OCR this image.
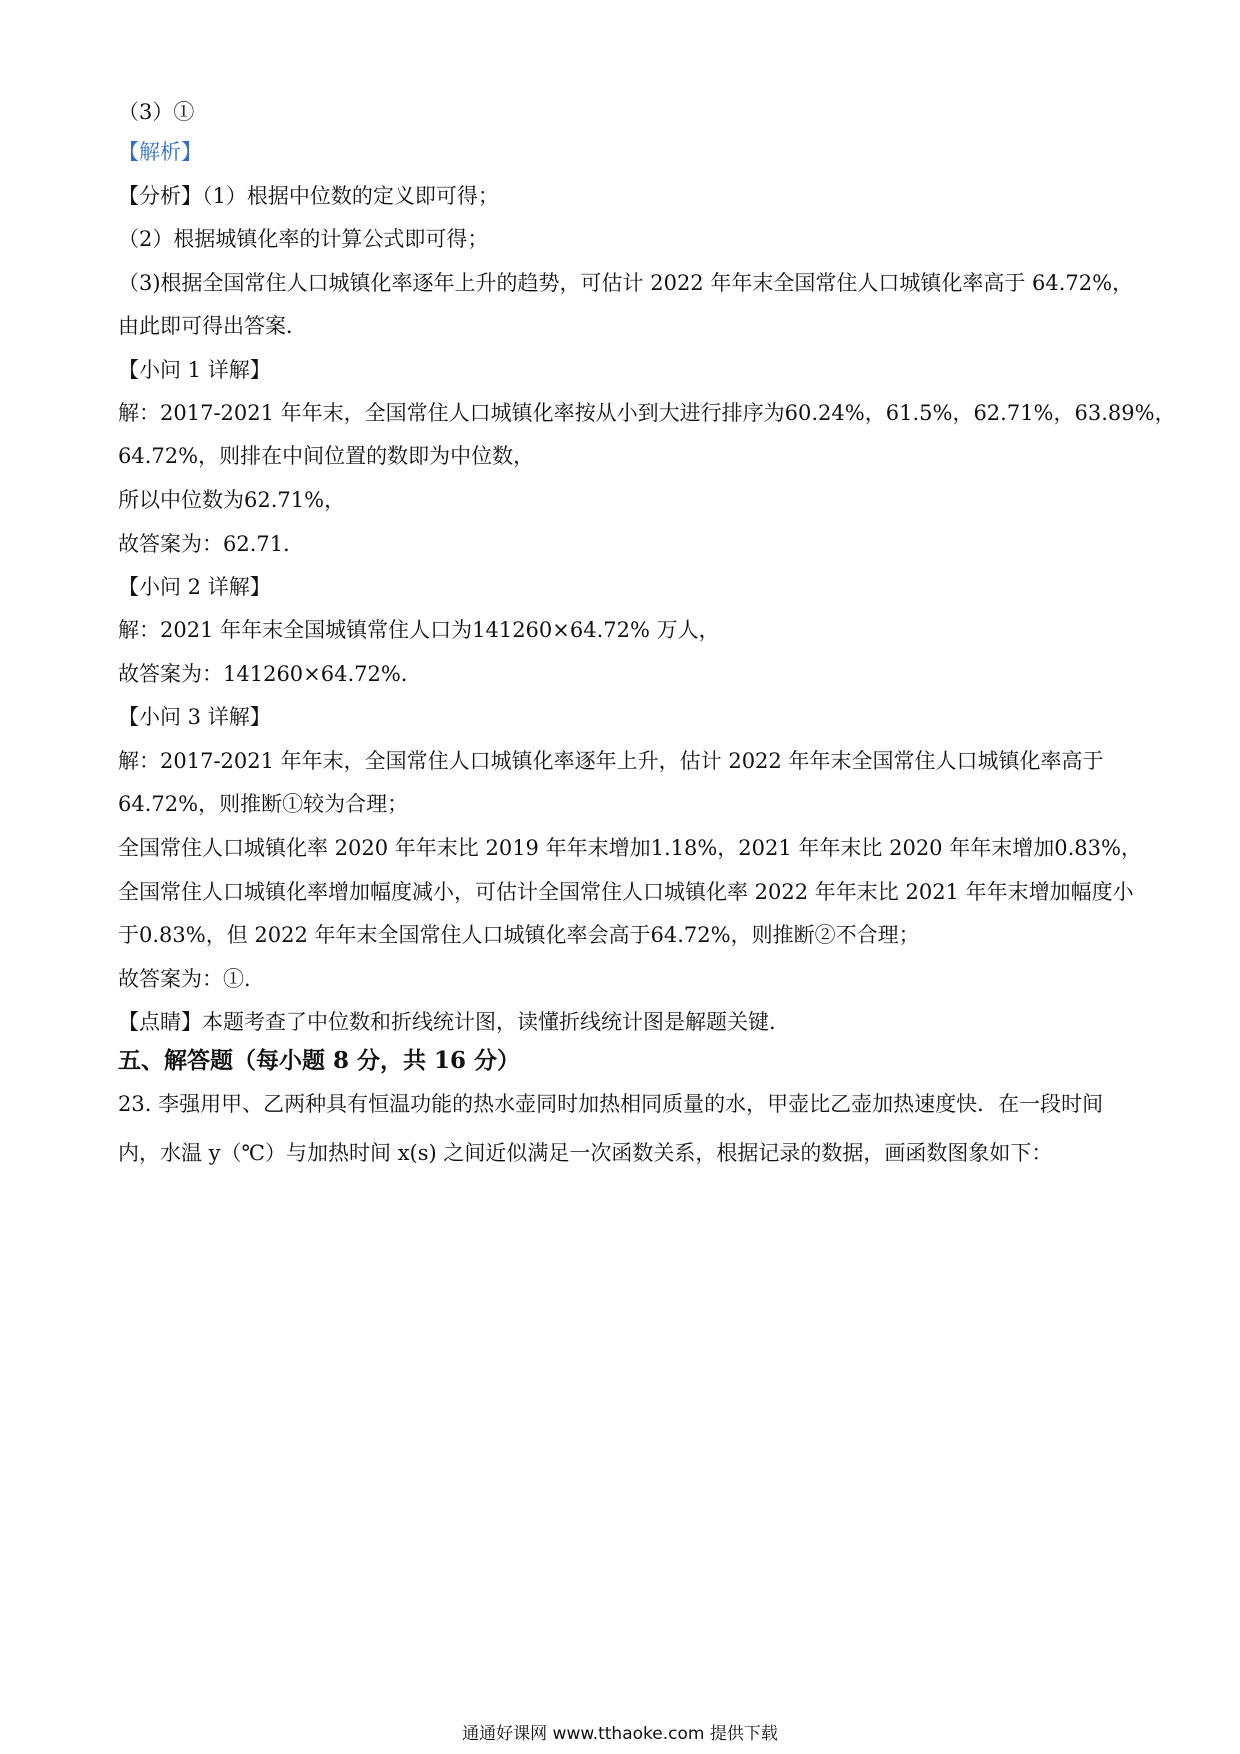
（3）①
【解析】
【分析】（1）根据中位数的定义即可得；
（2）根据城镇化率的计算公式即可得；
（3)根据全国常住人口城镇化率逐年上升的趋势，可估计 2022 年年末全国常住人口城镇化率高于 64.72%，
由此即可得出答案．
【小问 1 详解】
解：2017-2021 年年末，全国常住人口城镇化率按从小到大进行排序为60.24%，61.5%，62.71%，63.89%，
64.72%，则排在中间位置的数即为中位数，
所以中位数为62.71%，
故答案为：62.71．
【小问 2 详解】
解：2021 年年末全国城镇常住人口为141260×64.72% 万人，
故答案为：141260×64.72%．
【小问 3 详解】
解：2017-2021 年年末，全国常住人口城镇化率逐年上升，估计 2022 年年末全国常住人口城镇化率高于
64.72%，则推断①较为合理；
全国常住人口城镇化率 2020 年年末比 2019 年年末增加1.18%，2021 年年末比 2020 年年末增加0.83%，
全国常住人口城镇化率增加幅度减小，可估计全国常住人口城镇化率 2022 年年末比 2021 年年末增加幅度小
于0.83%，但 2022 年年末全国常住人口城镇化率会高于64.72%，则推断②不合理；
故答案为：①．
【点睛】本题考查了中位数和折线统计图，读懂折线统计图是解题关键．
五、解答题（每小题 8 分，共 16 分）
23. 李强用甲、乙两种具有恒温功能的热水壶同时加热相同质量的水，甲壶比乙壶加热速度快．在一段时间
内，水温 y（℃）与加热时间 x(s) 之间近似满足一次函数关系，根据记录的数据，画函数图象如下：
通通好课网 www.tthaoke.com 提供下载
